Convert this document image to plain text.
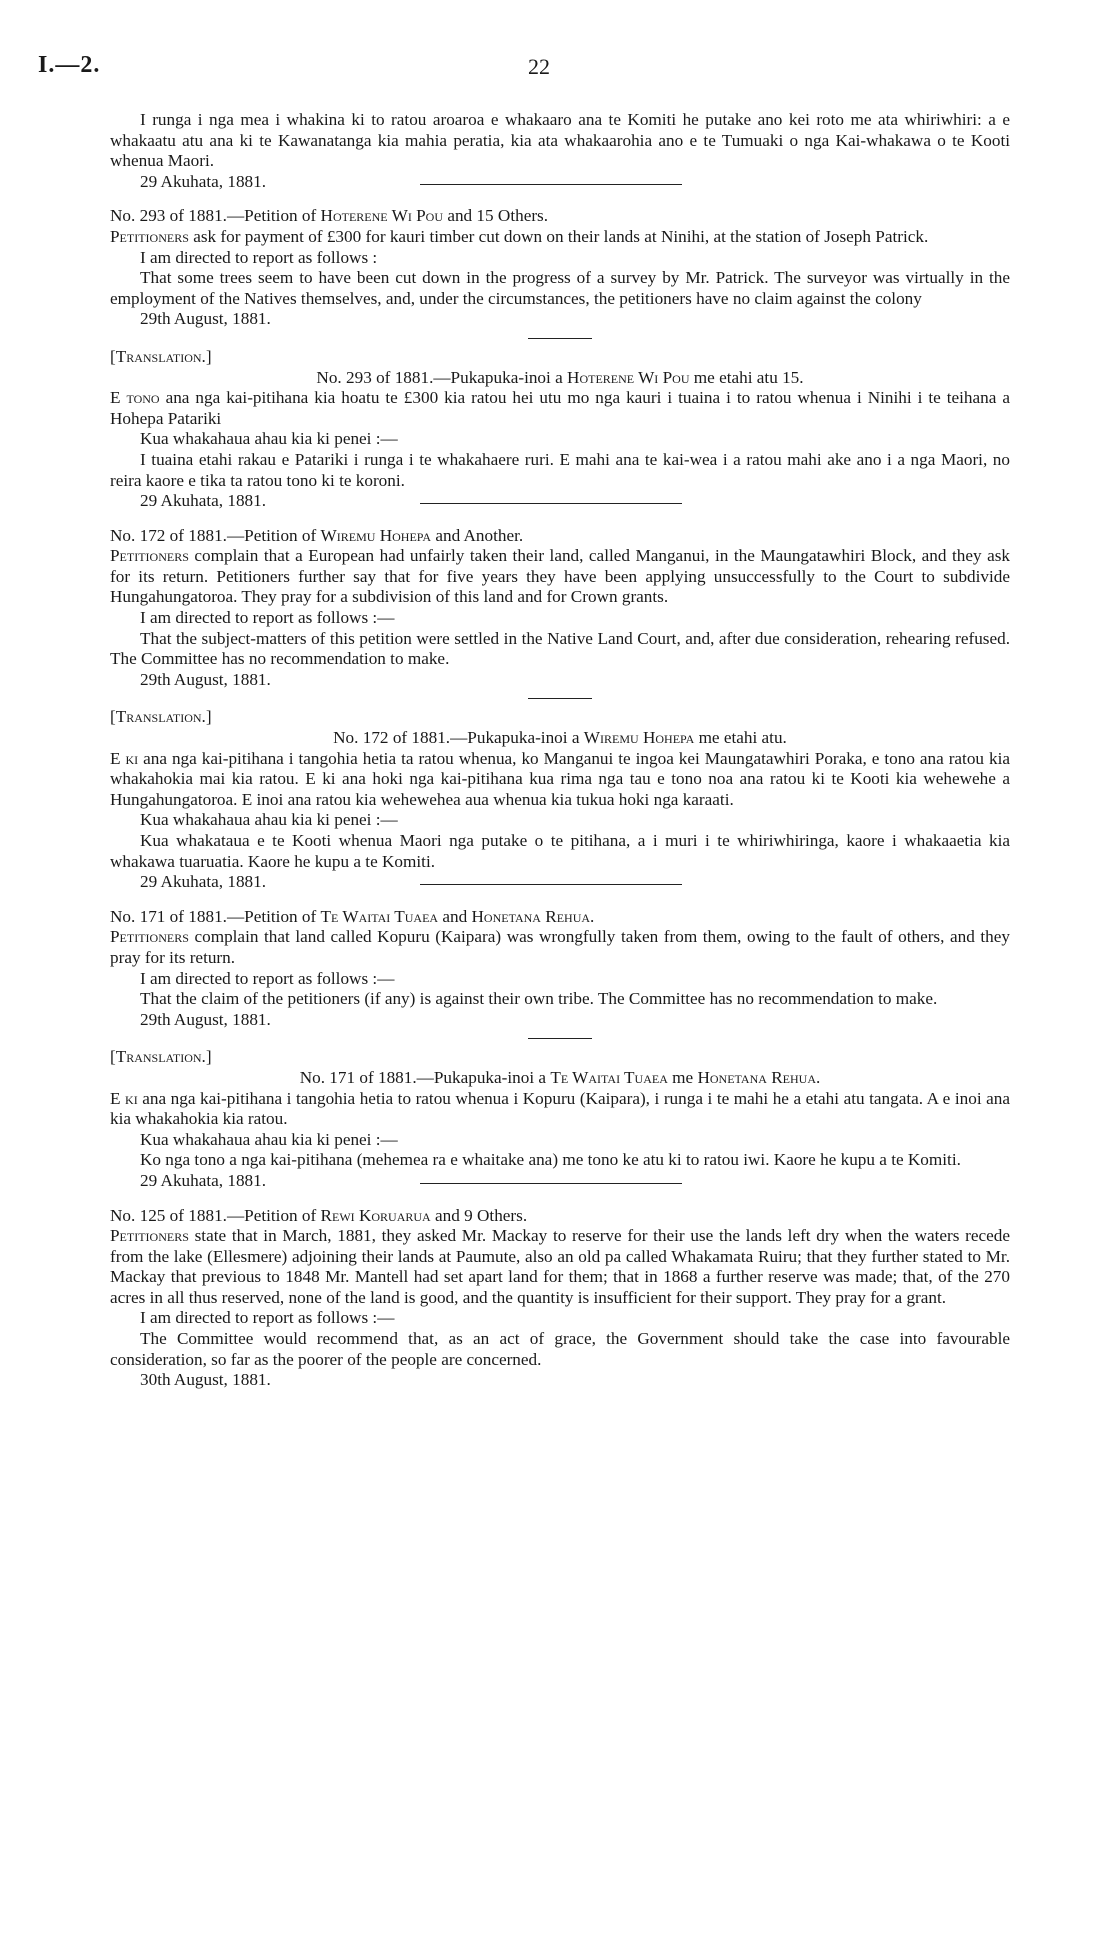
I.—2.	22

I runga i nga mea i whakina ki to ratou aroaroa e whakaaro ana te Komiti he putake ano kei roto me ata whiriwhiri: a e whakaatu atu ana ki te Kawanatanga kia mahia peratia, kia ata whakaarohia ano e te Tumuaki o nga Kai-whakawa o te Kooti whenua Maori.

29 Akuhata, 1881.

No. 293 of 1881.—Petition of Hoterene Wi Pou and 15 Others.

Petitioners ask for payment of £300 for kauri timber cut down on their lands at Ninihi, at the station of Joseph Patrick.

I am directed to report as follows :

That some trees seem to have been cut down in the progress of a survey by Mr. Patrick. The surveyor was virtually in the employment of the Natives themselves, and, under the circumstances, the petitioners have no claim against the colony

29th August, 1881.

[Translation.]

No. 293 of 1881.—Pukapuka-inoi a Hoterene Wi Pou me etahi atu 15.

E tono ana nga kai-pitihana kia hoatu te £300 kia ratou hei utu mo nga kauri i tuaina i to ratou whenua i Ninihi i te teihana a Hohepa Patariki

Kua whakahaua ahau kia ki penei :—

I tuaina etahi rakau e Patariki i runga i te whakahaere ruri. E mahi ana te kai-wea i a ratou mahi ake ano i a nga Maori, no reira kaore e tika ta ratou tono ki te koroni.

29 Akuhata, 1881.

No. 172 of 1881.—Petition of Wiremu Hohepa and Another.

Petitioners complain that a European had unfairly taken their land, called Manganui, in the Maungatawhiri Block, and they ask for its return. Petitioners further say that for five years they have been applying unsuccessfully to the Court to subdivide Hungahungatoroa. They pray for a subdivision of this land and for Crown grants.

I am directed to report as follows :—

That the subject-matters of this petition were settled in the Native Land Court, and, after due consideration, rehearing refused. The Committee has no recommendation to make.

29th August, 1881.

[Translation.]

No. 172 of 1881.—Pukapuka-inoi a Wiremu Hohepa me etahi atu.

E ki ana nga kai-pitihana i tangohia hetia ta ratou whenua, ko Manganui te ingoa kei Maungatawhiri Poraka, e tono ana ratou kia whakahokia mai kia ratou. E ki ana hoki nga kai-pitihana kua rima nga tau e tono noa ana ratou ki te Kooti kia wehewehe a Hungahungatoroa. E inoi ana ratou kia wehewehea aua whenua kia tukua hoki nga karaati.

Kua whakahaua ahau kia ki penei :—

Kua whakataua e te Kooti whenua Maori nga putake o te pitihana, a i muri i te whiriwhiringa, kaore i whakaaetia kia whakawa tuaruatia. Kaore he kupu a te Komiti.

29 Akuhata, 1881.

No. 171 of 1881.—Petition of Te Waitai Tuaea and Honetana Rehua.

Petitioners complain that land called Kopuru (Kaipara) was wrongfully taken from them, owing to the fault of others, and they pray for its return.

I am directed to report as follows :—

That the claim of the petitioners (if any) is against their own tribe. The Committee has no recommendation to make.

29th August, 1881.

[Translation.]

No. 171 of 1881.—Pukapuka-inoi a Te Waitai Tuaea me Honetana Rehua.

E ki ana nga kai-pitihana i tangohia hetia to ratou whenua i Kopuru (Kaipara), i runga i te mahi he a etahi atu tangata. A e inoi ana kia whakahokia kia ratou.

Kua whakahaua ahau kia ki penei :—

Ko nga tono a nga kai-pitihana (mehemea ra e whaitake ana) me tono ke atu ki to ratou iwi. Kaore he kupu a te Komiti.

29 Akuhata, 1881.

No. 125 of 1881.—Petition of Rewi Koruarua and 9 Others.

Petitioners state that in March, 1881, they asked Mr. Mackay to reserve for their use the lands left dry when the waters recede from the lake (Ellesmere) adjoining their lands at Paumute, also an old pa called Whakamata Ruiru; that they further stated to Mr. Mackay that previous to 1848 Mr. Mantell had set apart land for them; that in 1868 a further reserve was made; that, of the 270 acres in all thus reserved, none of the land is good, and the quantity is insufficient for their support. They pray for a grant.

I am directed to report as follows :—

The Committee would recommend that, as an act of grace, the Government should take the case into favourable consideration, so far as the poorer of the people are concerned.

30th August, 1881.
